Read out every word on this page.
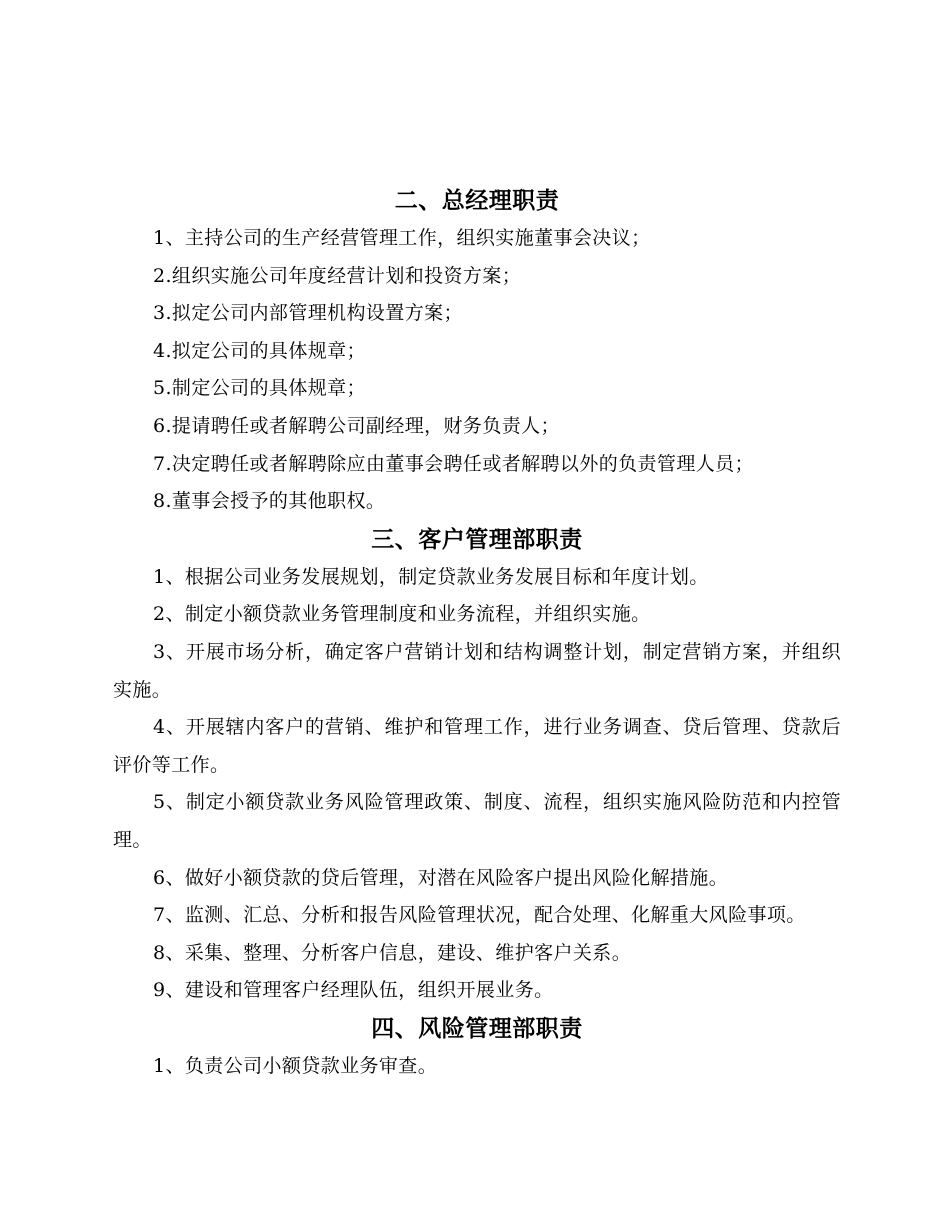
二、总经理职责

1、主持公司的生产经营管理工作，组织实施董事会决议；

2.组织实施公司年度经营计划和投资方案；

3.拟定公司内部管理机构设置方案；

4.拟定公司的具体规章；

5.制定公司的具体规章；

6.提请聘任或者解聘公司副经理，财务负责人；

7.决定聘任或者解聘除应由董事会聘任或者解聘以外的负责管理人员；

8.董事会授予的其他职权。

三、客户管理部职责

1、根据公司业务发展规划，制定贷款业务发展目标和年度计划。

2、制定小额贷款业务管理制度和业务流程，并组织实施。

3、开展市场分析，确定客户营销计划和结构调整计划，制定营销方案，并组织实施。

4、开展辖内客户的营销、维护和管理工作，进行业务调查、贷后管理、贷款后评价等工作。

5、制定小额贷款业务风险管理政策、制度、流程，组织实施风险防范和内控管理。

6、做好小额贷款的贷后管理，对潜在风险客户提出风险化解措施。

7、监测、汇总、分析和报告风险管理状况，配合处理、化解重大风险事项。

8、采集、整理、分析客户信息，建设、维护客户关系。

9、建设和管理客户经理队伍，组织开展业务。

四、风险管理部职责

1、负责公司小额贷款业务审查。
